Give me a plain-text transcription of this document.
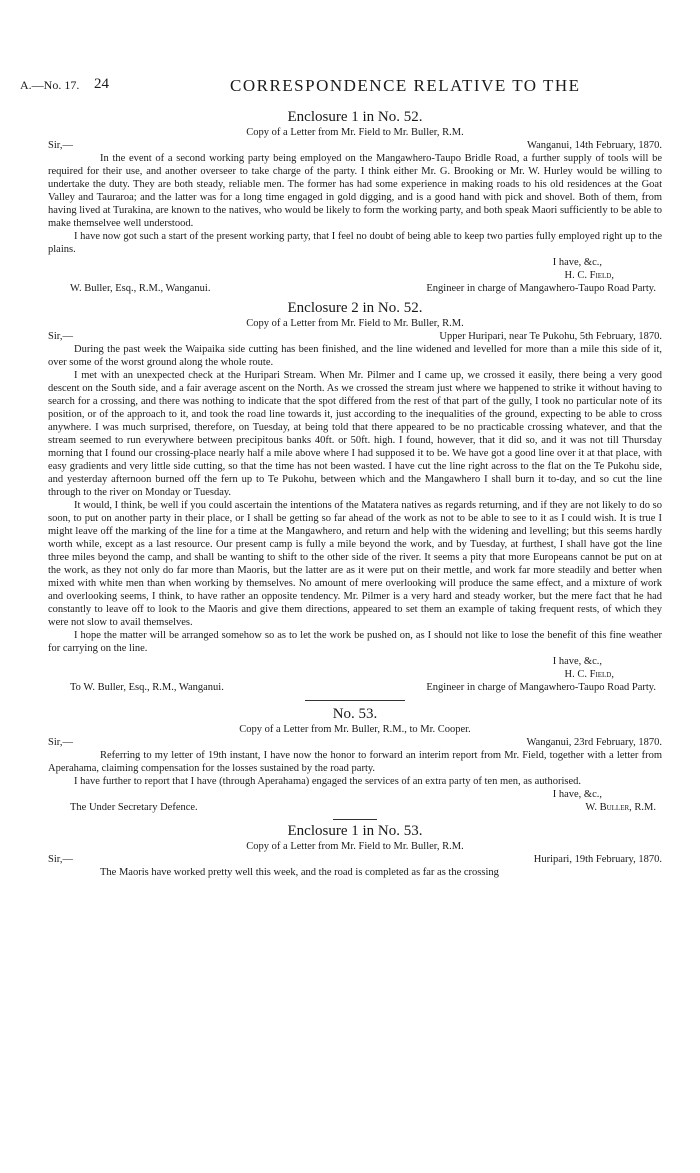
A.—No. 17. 24	CORRESPONDENCE RELATIVE TO THE
Enclosure 1 in No. 52.
Copy of a Letter from Mr. Field to Mr. Buller, R.M.
Sir,—	Wanganui, 14th February, 1870.

In the event of a second working party being employed on the Mangawhero-Taupo Bridle Road, a further supply of tools will be required for their use, and another overseer to take charge of the party. I think either Mr. G. Brooking or Mr. W. Hurley would be willing to undertake the duty. They are both steady, reliable men. The former has had some experience in making roads to his old residences at the Goat Valley and Tauraroa; and the latter was for a long time engaged in gold digging, and is a good hand with pick and shovel. Both of them, from having lived at Turakina, are known to the natives, who would be likely to form the working party, and both speak Maori sufficiently to be able to make themselvee well understood.

I have now got such a start of the present working party, that I feel no doubt of being able to keep two parties fully employed right up to the plains.

I have, &c.,
H. C. Field,
W. Buller, Esq., R.M., Wanganui.	Engineer in charge of Mangawhero-Taupo Road Party.
Enclosure 2 in No. 52.
Copy of a Letter from Mr. Field to Mr. Buller, R.M.
Sir,—	Upper Huripari, near Te Pukohu, 5th February, 1870.

During the past week the Waipaika side cutting has been finished, and the line widened and levelled for more than a mile this side of it, over some of the worst ground along the whole route.

I met with an unexpected check at the Huripari Stream. When Mr. Pilmer and I came up, we crossed it easily, there being a very good descent on the South side, and a fair average ascent on the North. As we crossed the stream just where we happened to strike it without having to search for a crossing, and there was nothing to indicate that the spot differed from the rest of that part of the gully, I took no particular note of its position, or of the approach to it, and took the road line towards it, just according to the inequalities of the ground, expecting to be able to cross anywhere. I was much surprised, therefore, on Tuesday, at being told that there appeared to be no practicable crossing whatever, and that the stream seemed to run everywhere between precipitous banks 40ft. or 50ft. high. I found, however, that it did so, and it was not till Thursday morning that I found our crossing-place nearly half a mile above where I had supposed it to be. We have got a good line over it at that place, with easy gradients and very little side cutting, so that the time has not been wasted. I have cut the line right across to the flat on the Te Pukohu side, and yesterday afternoon burned off the fern up to Te Pukohu, between which and the Mangawhero I shall burn it to-day, and so cut the line through to the river on Monday or Tuesday.

It would, I think, be well if you could ascertain the intentions of the Matatera natives as regards returning, and if they are not likely to do so soon, to put on another party in their place, or I shall be getting so far ahead of the work as not to be able to see to it as I could wish. It is true I might leave off the marking of the line for a time at the Mangawhero, and return and help with the widening and levelling; but this seems hardly worth while, except as a last resource. Our present camp is fully a mile beyond the work, and by Tuesday, at furthest, I shall have got the line three miles beyond the camp, and shall be wanting to shift to the other side of the river. It seems a pity that more Europeans cannot be put on at the work, as they not only do far more than Maoris, but the latter are as it were put on their mettle, and work far more steadily and better when mixed with white men than when working by themselves. No amount of mere overlooking will produce the same effect, and a mixture of work and overlooking seems, I think, to have rather an opposite tendency. Mr. Pilmer is a very hard and steady worker, but the mere fact that he had constantly to leave off to look to the Maoris and give them directions, appeared to set them an example of taking frequent rests, of which they were not slow to avail themselves.

I hope the matter will be arranged somehow so as to let the work be pushed on, as I should not like to lose the benefit of this fine weather for carrying on the line.

I have, &c.,
H. C. Field,
To W. Buller, Esq., R.M., Wanganui.	Engineer in charge of Mangawhero-Taupo Road Party.
No. 53.
Copy of a Letter from Mr. Buller, R.M., to Mr. Cooper.
Sir,—	Wanganui, 23rd February, 1870.

Referring to my letter of 19th instant, I have now the honor to forward an interim report from Mr. Field, together with a letter from Aperahama, claiming compensation for the losses sustained by the road party.

I have further to report that I have (through Aperahama) engaged the services of an extra party of ten men, as authorised.

I have, &c.,
The Under Secretary Defence.	W. Buller, R.M.
Enclosure 1 in No. 53.
Copy of a Letter from Mr. Field to Mr. Buller, R.M.
Sir,—	Huripari, 19th February, 1870.

The Maoris have worked pretty well this week, and the road is completed as far as the crossing
